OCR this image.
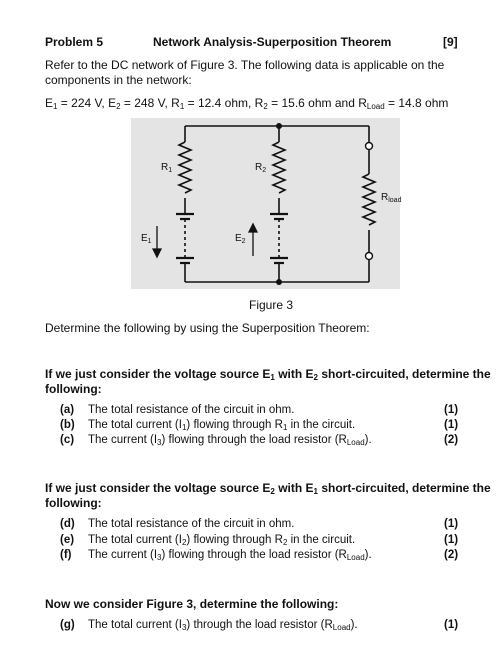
Problem 5	Network Analysis-Superposition Theorem	[9]
Refer to the DC network of Figure 3. The following data is applicable on the
components in the network:
$E_1 = 224$ V, $E_2 = 248$ V, $R_1 = 12.4$ ohm, $R_2 = 15.6$ ohm and $R_{Load} = 14.8$ ohm
$R_1$	$R_2$
$R_{load}$
$E_1$	$E_2$
Figure 3
Determine the following by using the Superposition Theorem:
If we just consider the voltage source $E_1$ with $E_2$ short-circuited, determine the
following:
(a) The total resistance of the circuit in ohm.	(1)
(b) The total current $(I_1)$ flowing through $R_1$ in the circuit.	(1)
(c) The current $(I_3)$ flowing through the load resistor $(R_{Load})$.	(2)
If we just consider the voltage source $E_2$ with $E_1$ short-circuited, determine the
following:
(d) The total resistance of the circuit in ohm.	(1)
(e) The total current $(I_2)$ flowing through $R_2$ in the circuit.	(1)
(f) The current $(I_3)$ flowing through the load resistor $(R_{Load})$.	(2)
Now we consider Figure 3, determine the following:
(g) The total current $(I_3)$ through the load resistor $(R_{Load})$.	(1)
